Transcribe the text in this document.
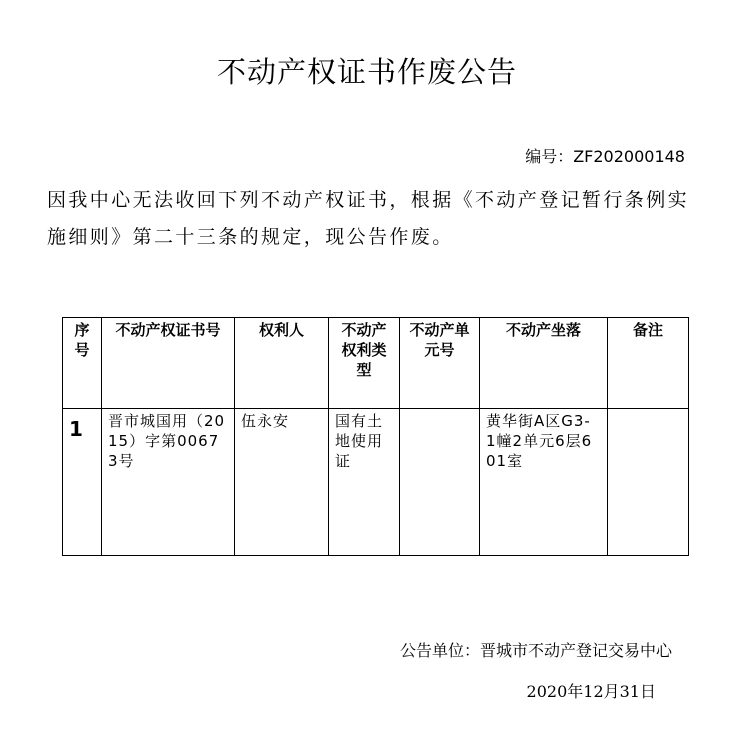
不动产权证书作废公告
编号：ZF202000148
因我中心无法收回下列不动产权证书，根据《不动产登记暂行条例实施细则》第二十三条的规定，现公告作废。
序号	不动产权证书号	权利人	不动产权利类型	不动产单元号	不动产坐落	备注
1	晋市城国用（2015）字第00673号	伍永安	国有土地使用证		黄华街A区G3-1幢2单元6层601室	
公告单位：晋城市不动产登记交易中心
2020年12月31日
